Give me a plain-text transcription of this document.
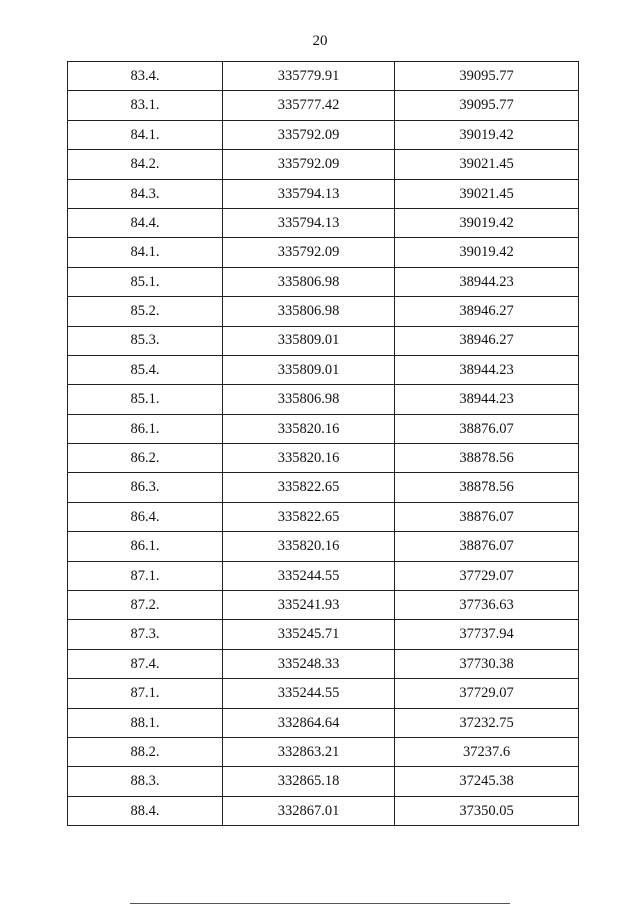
20
83.4.	335779.91	39095.77
83.1.	335777.42	39095.77
84.1.	335792.09	39019.42
84.2.	335792.09	39021.45
84.3.	335794.13	39021.45
84.4.	335794.13	39019.42
84.1.	335792.09	39019.42
85.1.	335806.98	38944.23
85.2.	335806.98	38946.27
85.3.	335809.01	38946.27
85.4.	335809.01	38944.23
85.1.	335806.98	38944.23
86.1.	335820.16	38876.07
86.2.	335820.16	38878.56
86.3.	335822.65	38878.56
86.4.	335822.65	38876.07
86.1.	335820.16	38876.07
87.1.	335244.55	37729.07
87.2.	335241.93	37736.63
87.3.	335245.71	37737.94
87.4.	335248.33	37730.38
87.1.	335244.55	37729.07
88.1.	332864.64	37232.75
88.2.	332863.21	37237.6
88.3.	332865.18	37245.38
88.4.	332867.01	37350.05
